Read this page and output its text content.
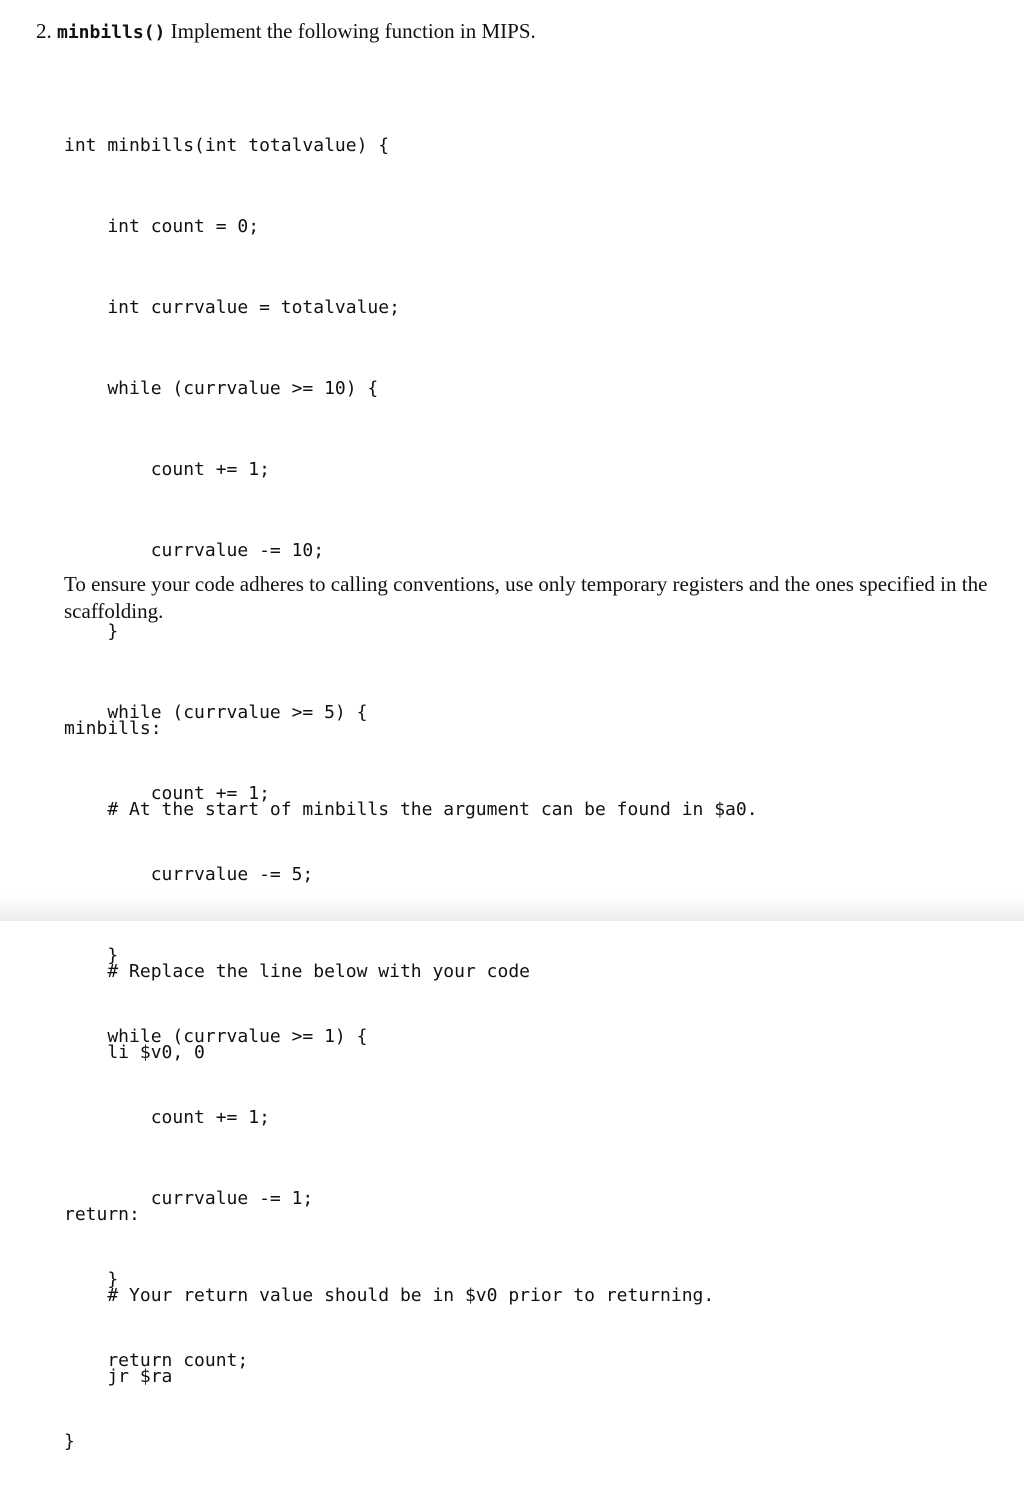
2. minbills() Implement the following function in MIPS.

int minbills(int totalvalue) {

int count = 0;

int currvalue = totalvalue;

while (currvalue >= 10) {

count += 1;

currvalue -= 10;

}

while (currvalue >= 5) {

count += 1;

currvalue -= 5;

}

while (currvalue >= 1) {

count += 1;

currvalue -= 1;

}

return count;

}

To ensure your code adheres to calling conventions, use only temporary registers and the ones specified in the scaffolding.

minbills:

# At the start of minbills the argument can be found in $a0.

# Replace the line below with your code

li $v0, 0

return:

# Your return value should be in $v0 prior to returning.

jr $ra
